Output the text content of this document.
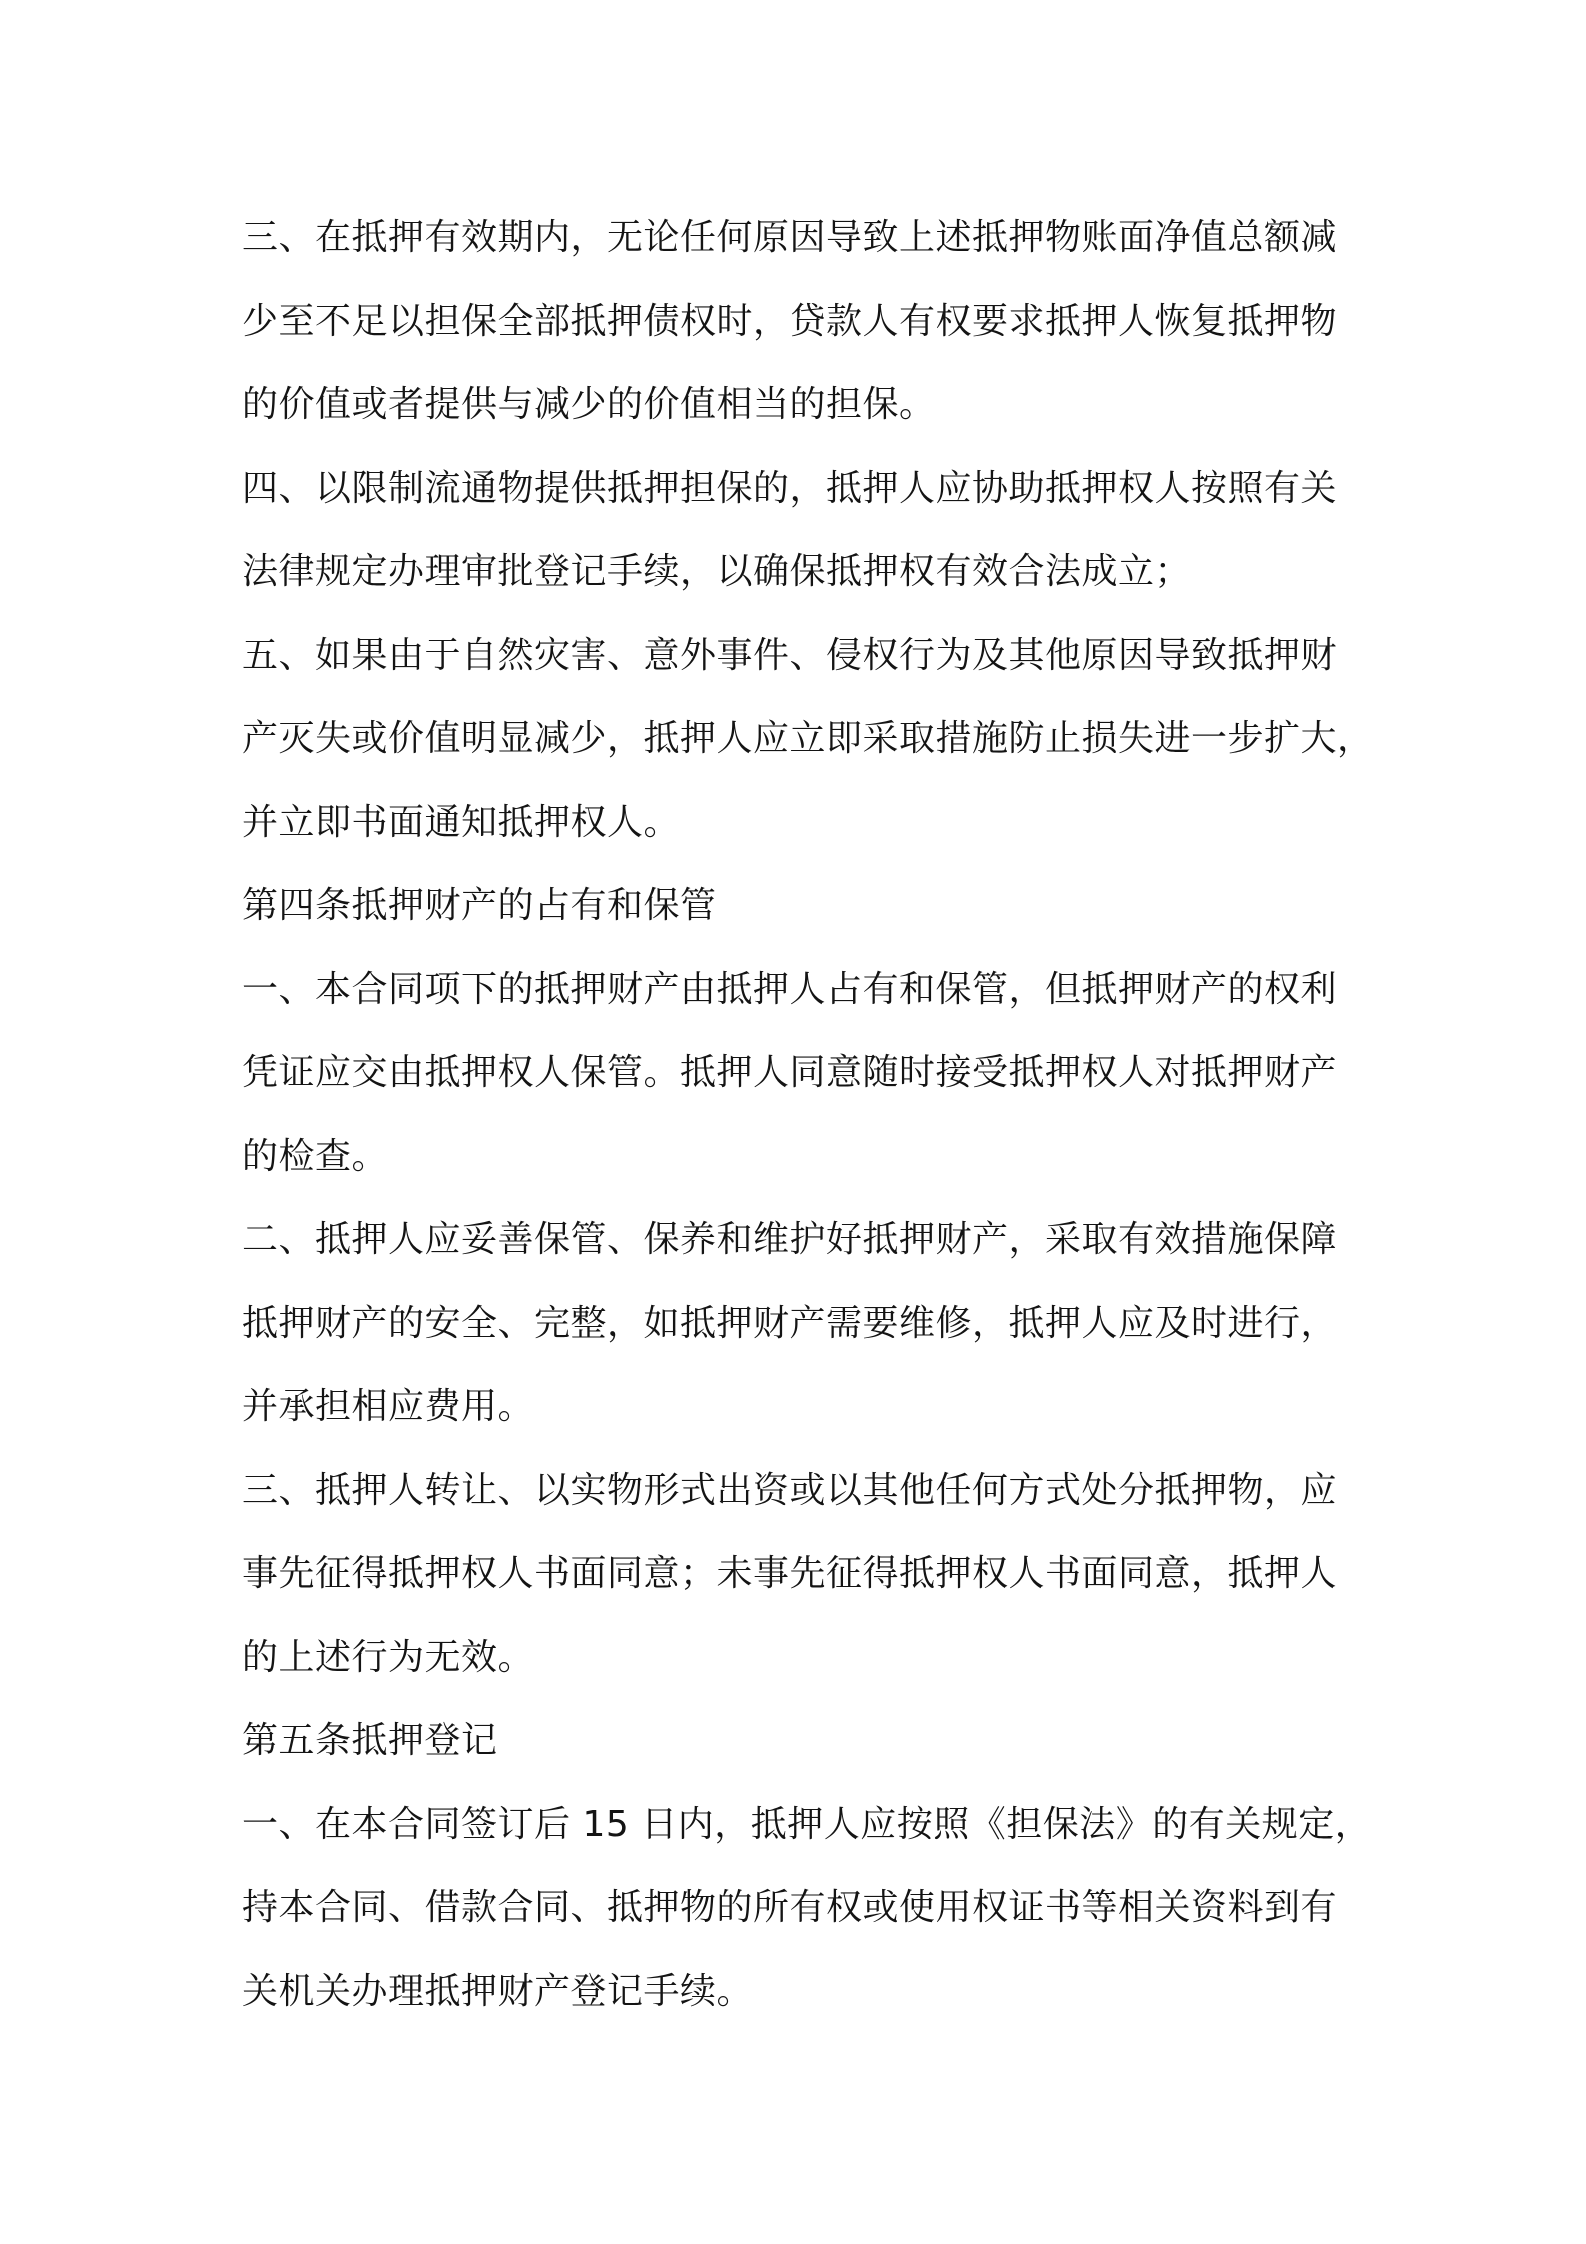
三、在抵押有效期内，无论任何原因导致上述抵押物账面净值总额减
少至不足以担保全部抵押债权时，贷款人有权要求抵押人恢复抵押物
的价值或者提供与减少的价值相当的担保。
四、以限制流通物提供抵押担保的，抵押人应协助抵押权人按照有关
法律规定办理审批登记手续，以确保抵押权有效合法成立；
五、如果由于自然灾害、意外事件、侵权行为及其他原因导致抵押财
产灭失或价值明显减少，抵押人应立即采取措施防止损失进一步扩大，
并立即书面通知抵押权人。
第四条抵押财产的占有和保管
一、本合同项下的抵押财产由抵押人占有和保管，但抵押财产的权利
凭证应交由抵押权人保管。抵押人同意随时接受抵押权人对抵押财产
的检查。
二、抵押人应妥善保管、保养和维护好抵押财产，采取有效措施保障
抵押财产的安全、完整，如抵押财产需要维修，抵押人应及时进行，
并承担相应费用。
三、抵押人转让、以实物形式出资或以其他任何方式处分抵押物，应
事先征得抵押权人书面同意；未事先征得抵押权人书面同意，抵押人
的上述行为无效。
第五条抵押登记
一、在本合同签订后 15 日内，抵押人应按照《担保法》的有关规定，
持本合同、借款合同、抵押物的所有权或使用权证书等相关资料到有
关机关办理抵押财产登记手续。
